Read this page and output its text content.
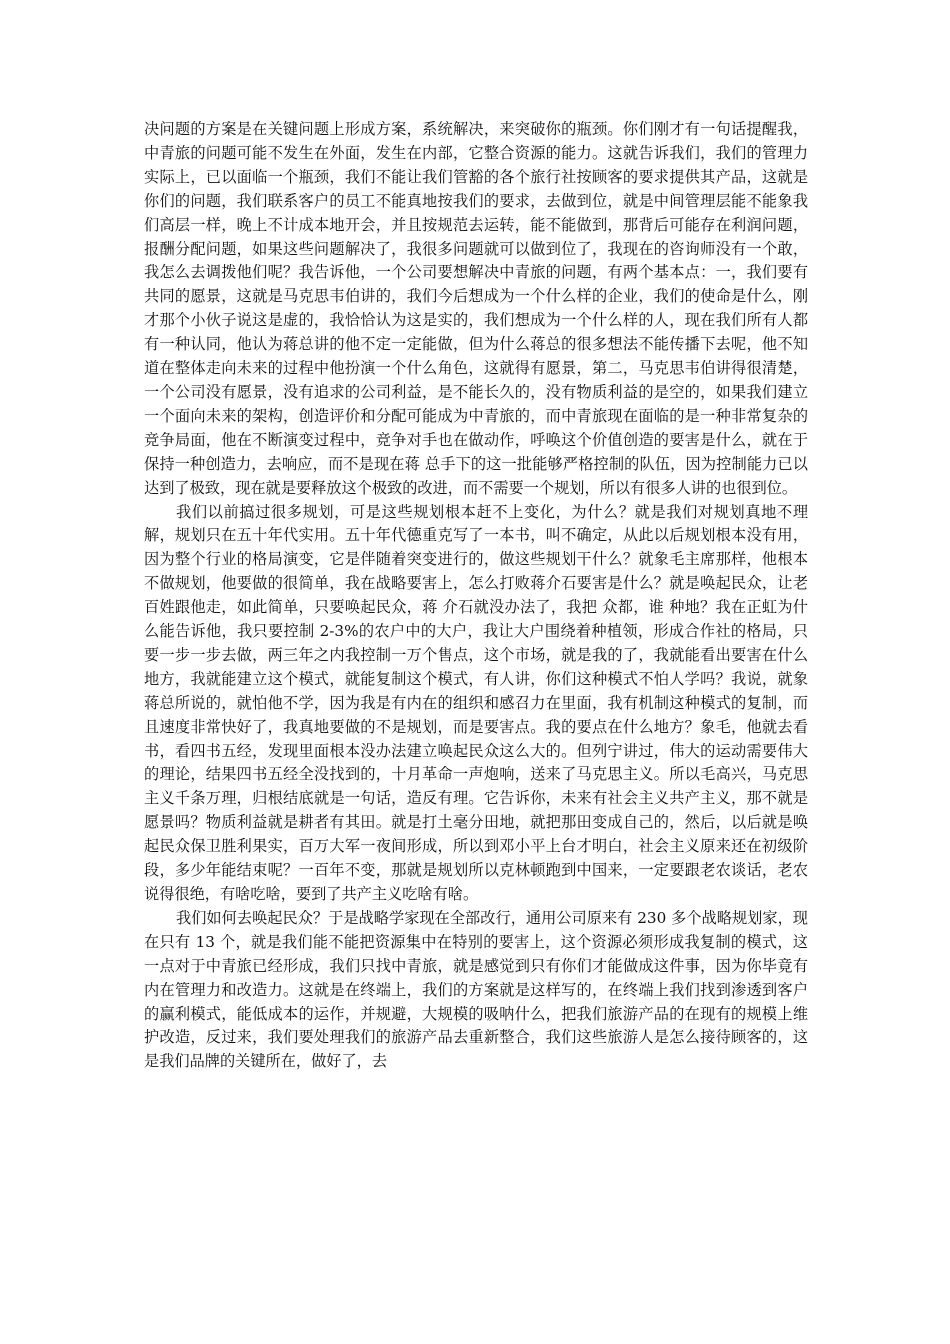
决问题的方案是在关键问题上形成方案，系统解决，来突破你的瓶颈。你们刚才有一句话提醒我，中青旅的问题可能不发生在外面，发生在内部，它整合资源的能力。这就告诉我们，我们的管理力实际上，已以面临一个瓶颈，我们不能让我们管豁的各个旅行社按顾客的要求提供其产品，这就是你们的问题，我们联系客户的员工不能真地按我们的要求，去做到位，就是中间管理层能不能象我们高层一样，晚上不计成本地开会，并且按规范去运转，能不能做到，那背后可能存在利润问题，报酬分配问题，如果这些问题解决了，我很多问题就可以做到位了，我现在的咨询师没有一个敢，我怎么去调拨他们呢？我告诉他，一个公司要想解决中青旅的问题，有两个基本点：一，我们要有共同的愿景，这就是马克思韦伯讲的，我们今后想成为一个什么样的企业，我们的使命是什么，刚才那个小伙子说这是虚的，我恰恰认为这是实的，我们想成为一个什么样的人，现在我们所有人都有一种认同，他认为蒋总讲的他不定一定能做，但为什么蒋总的很多想法不能传播下去呢，他不知道在整体走向未来的过程中他扮演一个什么角色，这就得有愿景，第二，马克思韦伯讲得很清楚，一个公司没有愿景，没有追求的公司利益，是不能长久的，没有物质利益的是空的，如果我们建立一个面向未来的架构，创造评价和分配可能成为中青旅的，而中青旅现在面临的是一种非常复杂的竞争局面，他在不断演变过程中，竞争对手也在做动作，呼唤这个价值创造的要害是什么，就在于保持一种创造力，去响应，而不是现在蒋 总手下的这一批能够严格控制的队伍，因为控制能力已以达到了极致，现在就是要释放这个极致的改进，而不需要一个规划，所以有很多人讲的也很到位。

我们以前搞过很多规划，可是这些规划根本赶不上变化，为什么？就是我们对规划真地不理解，规划只在五十年代实用。五十年代德重克写了一本书，叫不确定，从此以后规划根本没有用，因为整个行业的格局演变，它是伴随着突变进行的，做这些规划干什么？就象毛主席那样，他根本不做规划，他要做的很简单，我在战略要害上，怎么打败蒋介石要害是什么？就是唤起民众，让老百姓跟他走，如此简单，只要唤起民众，蒋 介石就没办法了，我把 众都，谁 种地？我在正虹为什么能告诉他，我只要控制 2-3%的农户中的大户，我让大户围绕着种植领，形成合作社的格局，只要一步一步去做，两三年之内我控制一万个售点，这个市场，就是我的了，我就能看出要害在什么地方，我就能建立这个模式，就能复制这个模式，有人讲，你们这种模式不怕人学吗？我说，就象蒋总所说的，就怕他不学，因为我是有内在的组织和感召力在里面，我有机制这种模式的复制，而且速度非常快好了，我真地要做的不是规划，而是要害点。我的要点在什么地方？象毛，他就去看书，看四书五经，发现里面根本没办法建立唤起民众这么大的。但列宁讲过，伟大的运动需要伟大的理论，结果四书五经全没找到的，十月革命一声炮响，送来了马克思主义。所以毛高兴，马克思主义千条万理，归根结底就是一句话，造反有理。它告诉你，未来有社会主义共产主义，那不就是愿景吗？物质利益就是耕者有其田。就是打土毫分田地，就把那田变成自己的，然后，以后就是唤起民众保卫胜利果实，百万大军一夜间形成，所以到邓小平上台才明白，社会主义原来还在初级阶段，多少年能结束呢？一百年不变，那就是规划所以克林顿跑到中国来，一定要跟老农谈话，老农说得很绝，有啥吃啥，要到了共产主义吃啥有啥。

我们如何去唤起民众？于是战略学家现在全部改行，通用公司原来有 230 多个战略规划家，现在只有 13 个，就是我们能不能把资源集中在特别的要害上，这个资源必须形成我复制的模式，这一点对于中青旅已经形成，我们只找中青旅，就是感觉到只有你们才能做成这件事，因为你毕竟有内在管理力和改造力。这就是在终端上，我们的方案就是这样写的，在终端上我们找到渗透到客户的赢利模式，能低成本的运作，并规避，大规模的吸呐什么，把我们旅游产品的在现有的规模上维护改造，反过来，我们要处理我们的旅游产品去重新整合，我们这些旅游人是怎么接待顾客的，这是我们品牌的关键所在，做好了，去
